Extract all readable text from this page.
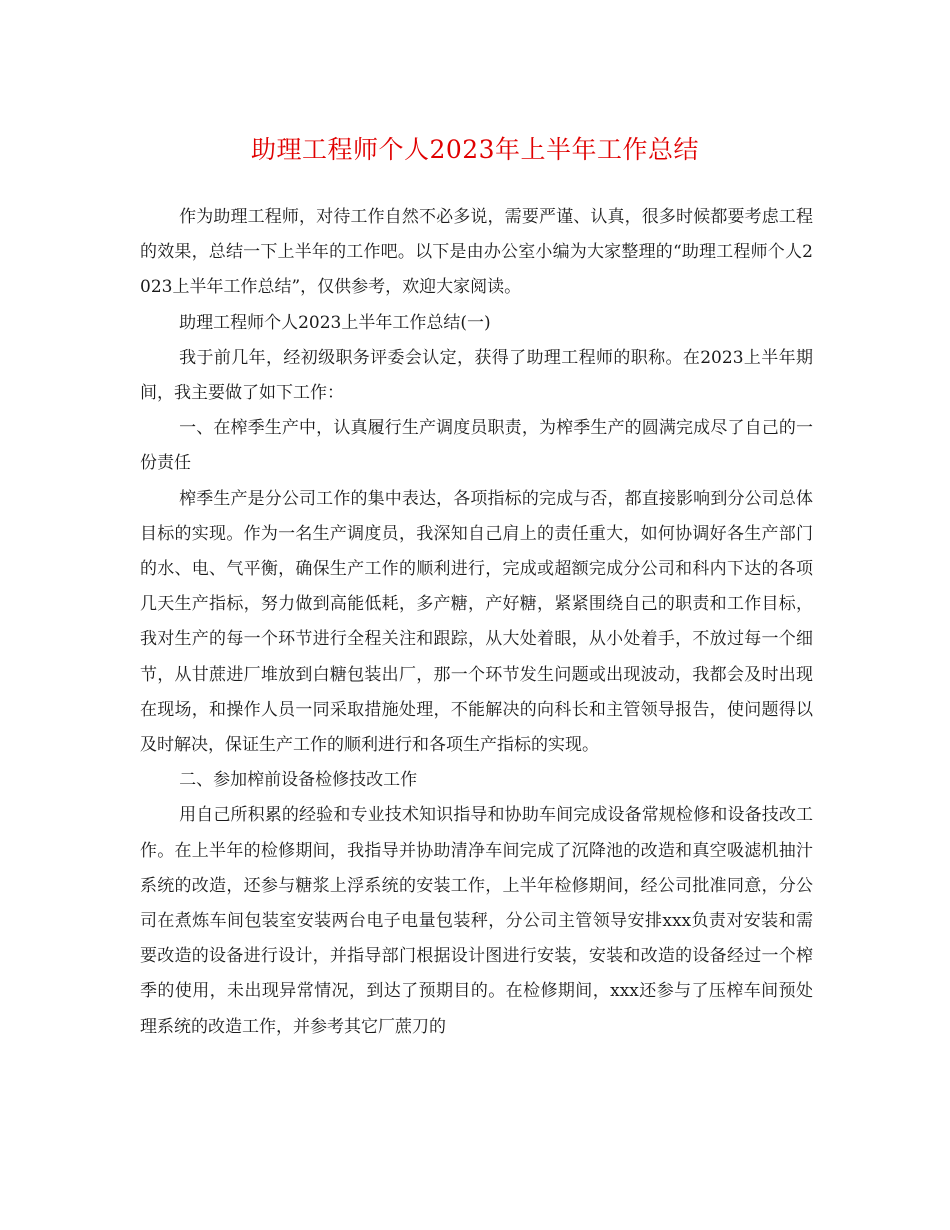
助理工程师个人2023年上半年工作总结

作为助理工程师，对待工作自然不必多说，需要严谨、认真，很多时候都要考虑工程的效果，总结一下上半年的工作吧。以下是由办公室小编为大家整理的“助理工程师个人2023上半年工作总结”，仅供参考，欢迎大家阅读。

助理工程师个人2023上半年工作总结(一)

我于前几年，经初级职务评委会认定，获得了助理工程师的职称。在2023上半年期间，我主要做了如下工作：

一、在榨季生产中，认真履行生产调度员职责，为榨季生产的圆满完成尽了自己的一份责任

榨季生产是分公司工作的集中表达，各项指标的完成与否，都直接影响到分公司总体目标的实现。作为一名生产调度员，我深知自己肩上的责任重大，如何协调好各生产部门的水、电、气平衡，确保生产工作的顺利进行，完成或超额完成分公司和科内下达的各项几天生产指标，努力做到高能低耗，多产糖，产好糖，紧紧围绕自己的职责和工作目标，我对生产的每一个环节进行全程关注和跟踪，从大处着眼，从小处着手，不放过每一个细节，从甘蔗进厂堆放到白糖包装出厂，那一个环节发生问题或出现波动，我都会及时出现在现场，和操作人员一同采取措施处理，不能解决的向科长和主管领导报告，使问题得以及时解决，保证生产工作的顺利进行和各项生产指标的实现。

二、参加榨前设备检修技改工作

用自己所积累的经验和专业技术知识指导和协助车间完成设备常规检修和设备技改工作。在上半年的检修期间，我指导并协助清净车间完成了沉降池的改造和真空吸滤机抽汁系统的改造，还参与糖浆上浮系统的安装工作，上半年检修期间，经公司批准同意，分公司在煮炼车间包装室安装两台电子电量包装秤，分公司主管领导安排xxx负责对安装和需要改造的设备进行设计，并指导部门根据设计图进行安装，安装和改造的设备经过一个榨季的使用，未出现异常情况，到达了预期目的。在检修期间，xxx还参与了压榨车间预处理系统的改造工作，并参考其它厂蔗刀的
